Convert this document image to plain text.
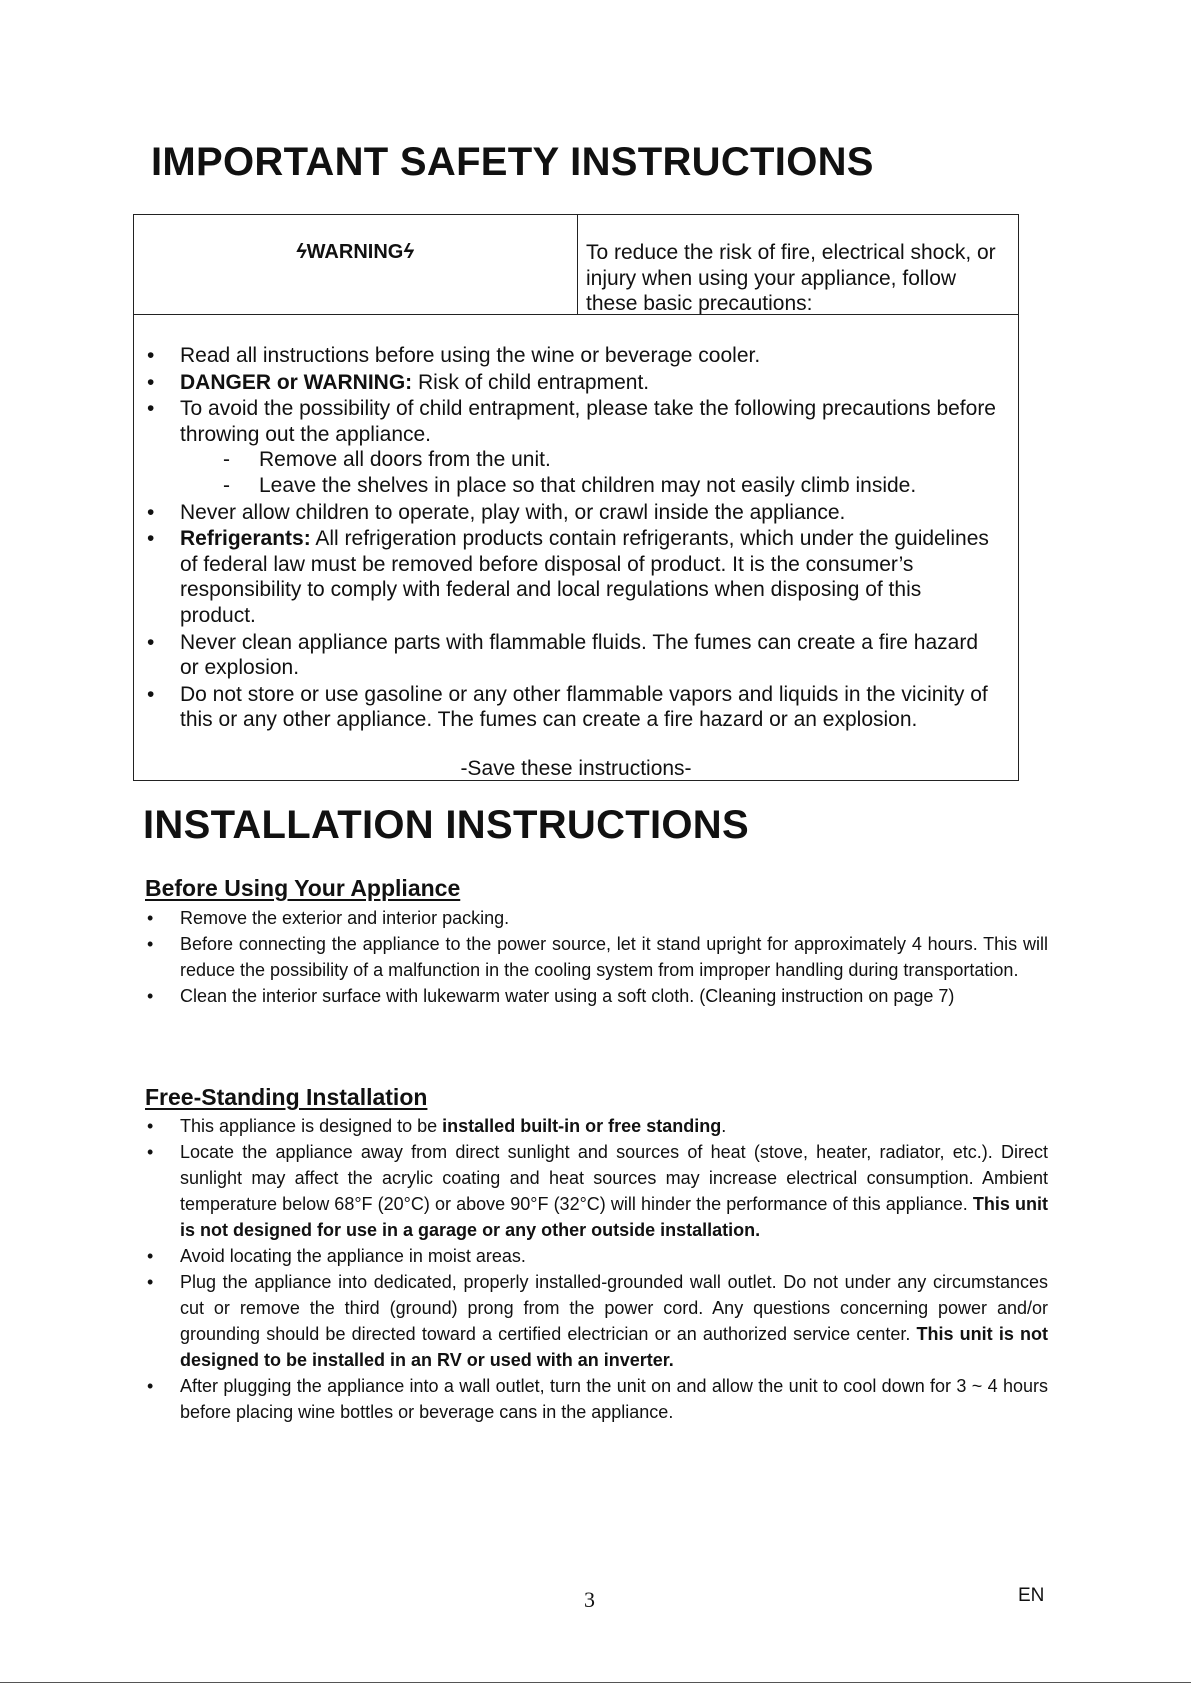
IMPORTANT SAFETY INSTRUCTIONS
ϟWARNINGϟ	To reduce the risk of fire, electrical shock, or injury when using your appliance, follow these basic precautions:
• Read all instructions before using the wine or beverage cooler.
• DANGER or WARNING: Risk of child entrapment.
• To avoid the possibility of child entrapment, please take the following precautions before throwing out the appliance.
- Remove all doors from the unit.
- Leave the shelves in place so that children may not easily climb inside.
• Never allow children to operate, play with, or crawl inside the appliance.
• Refrigerants: All refrigeration products contain refrigerants, which under the guidelines of federal law must be removed before disposal of product. It is the consumer’s responsibility to comply with federal and local regulations when disposing of this product.
• Never clean appliance parts with flammable fluids. The fumes can create a fire hazard or explosion.
• Do not store or use gasoline or any other flammable vapors and liquids in the vicinity of this or any other appliance. The fumes can create a fire hazard or an explosion.
-Save these instructions-
INSTALLATION INSTRUCTIONS
Before Using Your Appliance
• Remove the exterior and interior packing.
• Before connecting the appliance to the power source, let it stand upright for approximately 4 hours. This will reduce the possibility of a malfunction in the cooling system from improper handling during transportation.
• Clean the interior surface with lukewarm water using a soft cloth. (Cleaning instruction on page 7)
Free-Standing Installation
• This appliance is designed to be installed built-in or free standing.
• Locate the appliance away from direct sunlight and sources of heat (stove, heater, radiator, etc.). Direct sunlight may affect the acrylic coating and heat sources may increase electrical consumption. Ambient temperature below 68°F (20°C) or above 90°F (32°C) will hinder the performance of this appliance. This unit is not designed for use in a garage or any other outside installation.
• Avoid locating the appliance in moist areas.
• Plug the appliance into dedicated, properly installed-grounded wall outlet. Do not under any circumstances cut or remove the third (ground) prong from the power cord. Any questions concerning power and/or grounding should be directed toward a certified electrician or an authorized service center. This unit is not designed to be installed in an RV or used with an inverter.
• After plugging the appliance into a wall outlet, turn the unit on and allow the unit to cool down for 3 ~ 4 hours before placing wine bottles or beverage cans in the appliance.
3	EN
